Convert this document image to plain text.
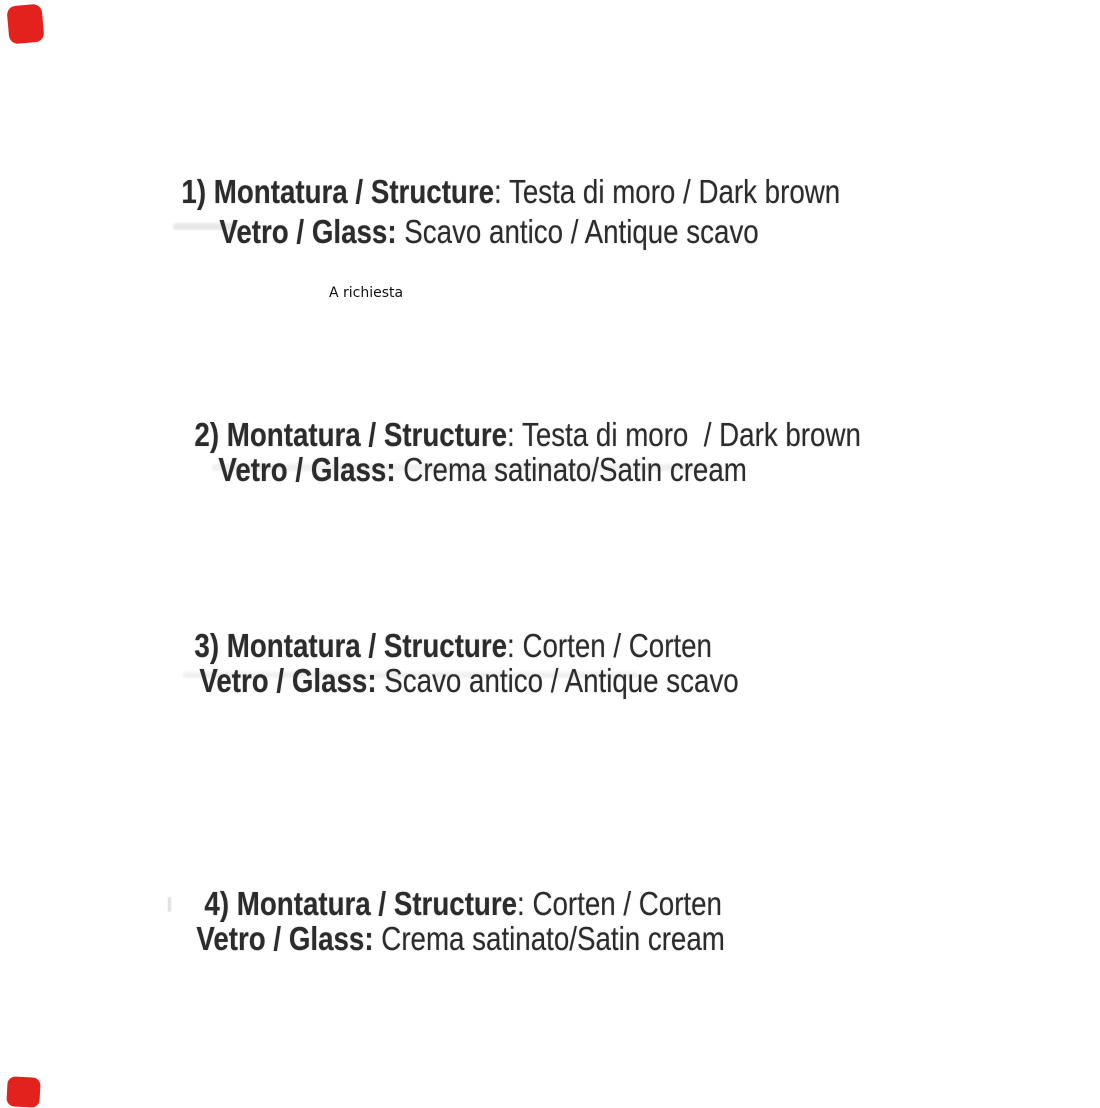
1) Montatura / Structure: Testa di moro / Dark brown

Vetro / Glass: Scavo antico / Antique scavo

A richiesta

2) Montatura / Structure: Testa di moro  / Dark brown

Vetro / Glass: Crema satinato/Satin cream

3) Montatura / Structure: Corten / Corten

Vetro / Glass: Scavo antico / Antique scavo

4) Montatura / Structure: Corten / Corten

Vetro / Glass: Crema satinato/Satin cream
